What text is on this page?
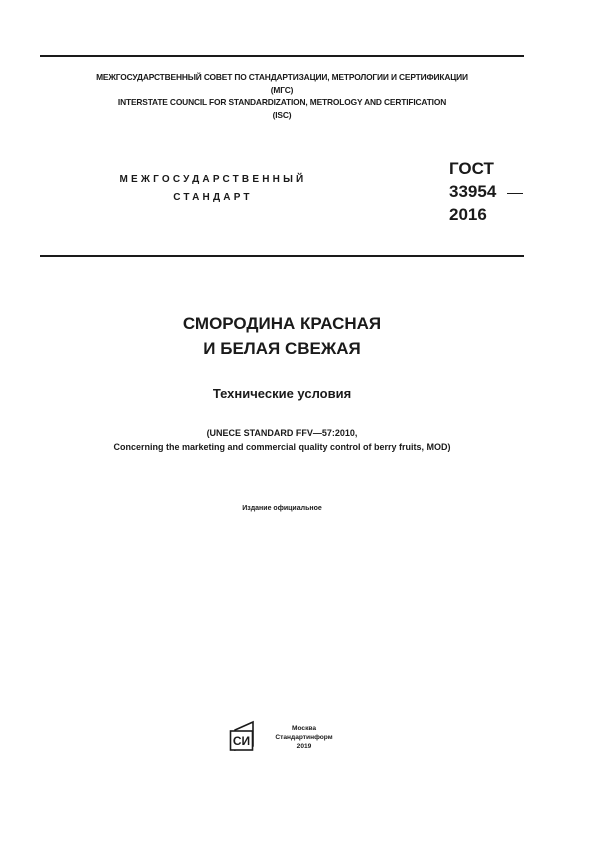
МЕЖГОСУДАРСТВЕННЫЙ СОВЕТ ПО СТАНДАРТИЗАЦИИ, МЕТРОЛОГИИ И СЕРТИФИКАЦИИ
(МГС)
INTERSTATE COUNCIL FOR STANDARDIZATION, METROLOGY AND CERTIFICATION
(ISC)
МЕЖГОСУДАРСТВЕННЫЙ
СТАНДАРТ
ГОСТ
33954
2016
СМОРОДИНА КРАСНАЯ
И БЕЛАЯ СВЕЖАЯ
Технические условия
(UNECE STANDARD FFV—57:2010,
Concerning the marketing and commercial quality control of berry fruits, MOD)
Издание официальное
СИ
Москва
Стандартинформ
2019
